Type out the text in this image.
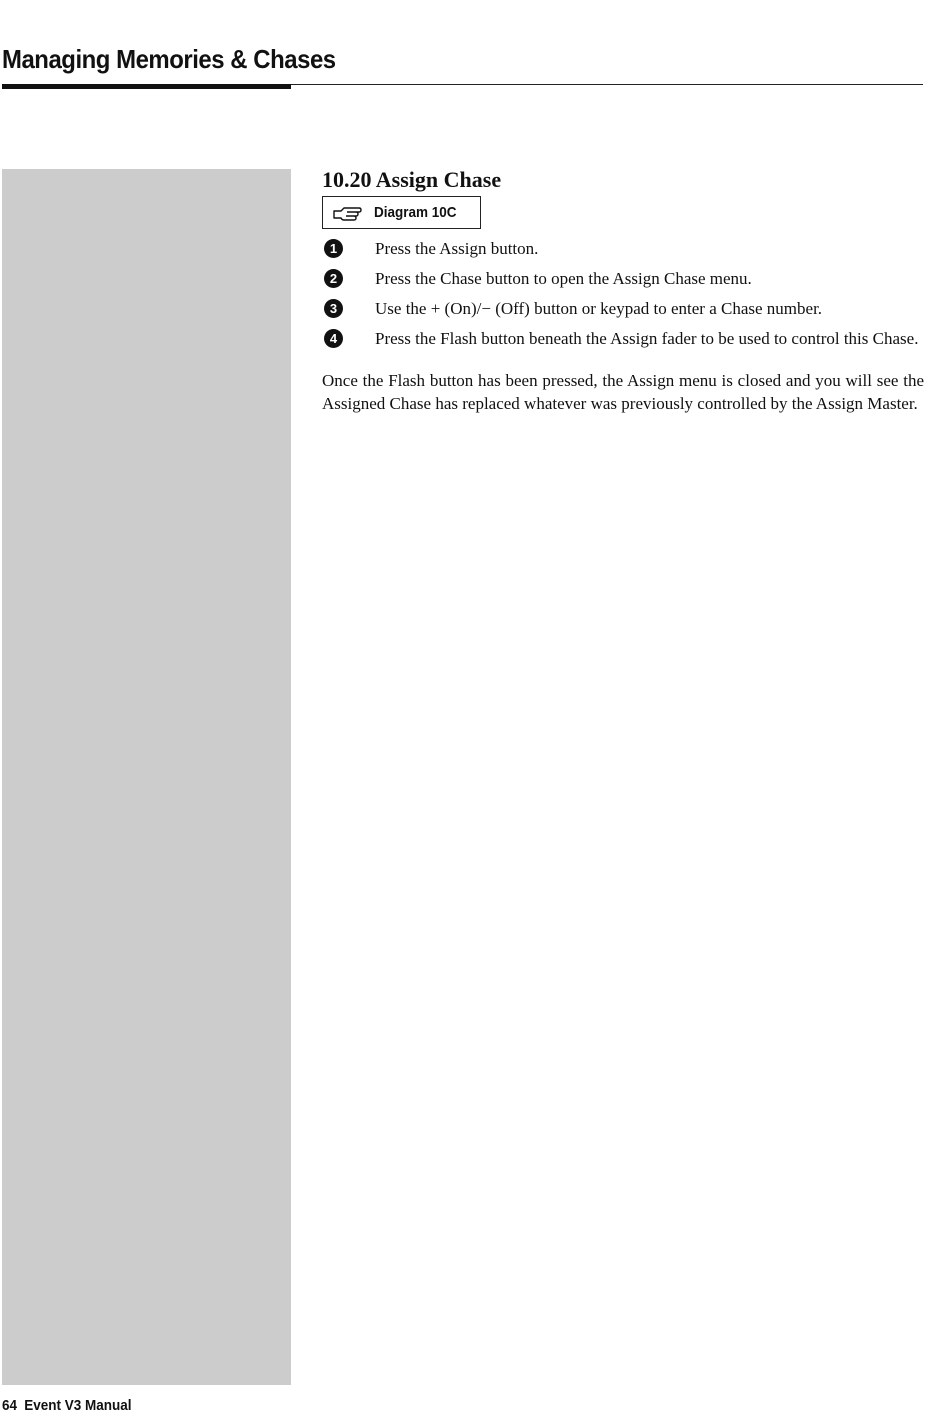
Managing Memories & Chases
10.20 Assign Chase
Diagram 10C
1	Press the Assign button.
2	Press the Chase button to open the Assign Chase menu.
3	Use the + (On)/− (Off) button or keypad to enter a Chase number.
4	Press the Flash button beneath the Assign fader to be used to control this Chase.

Once the Flash button has been pressed, the Assign menu is closed and you will see the Assigned Chase has replaced whatever was previously controlled by the Assign Master.

64 Event V3 Manual
